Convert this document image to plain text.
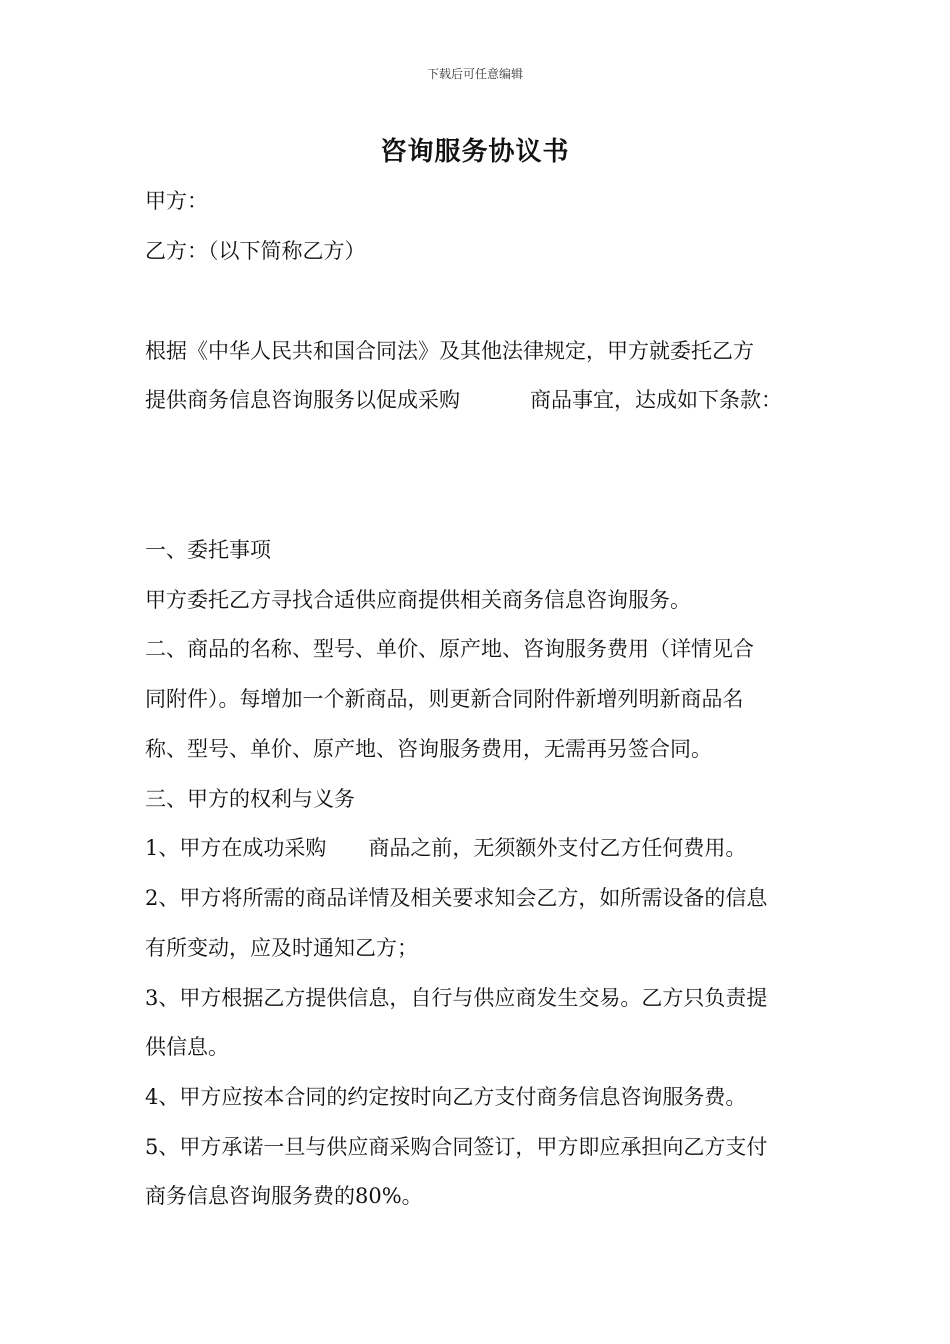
下载后可任意编辑
咨询服务协议书
甲方：
乙方：（以下简称乙方）
根据《中华人民共和国合同法》及其他法律规定，甲方就委托乙方
提供商务信息咨询服务以促成采购	商品事宜，达成如下条款：
一、委托事项
甲方委托乙方寻找合适供应商提供相关商务信息咨询服务。
二、商品的名称、型号、单价、原产地、咨询服务费用（详情见合
同附件）。每增加一个新商品，则更新合同附件新增列明新商品名
称、型号、单价、原产地、咨询服务费用，无需再另签合同。
三、甲方的权利与义务
1、甲方在成功采购 商品之前，无须额外支付乙方任何费用。
2、甲方将所需的商品详情及相关要求知会乙方，如所需设备的信息
有所变动，应及时通知乙方；
3、甲方根据乙方提供信息，自行与供应商发生交易。乙方只负责提
供信息。
4、甲方应按本合同的约定按时向乙方支付商务信息咨询服务费。
5、甲方承诺一旦与供应商采购合同签订，甲方即应承担向乙方支付
商务信息咨询服务费的80%。
